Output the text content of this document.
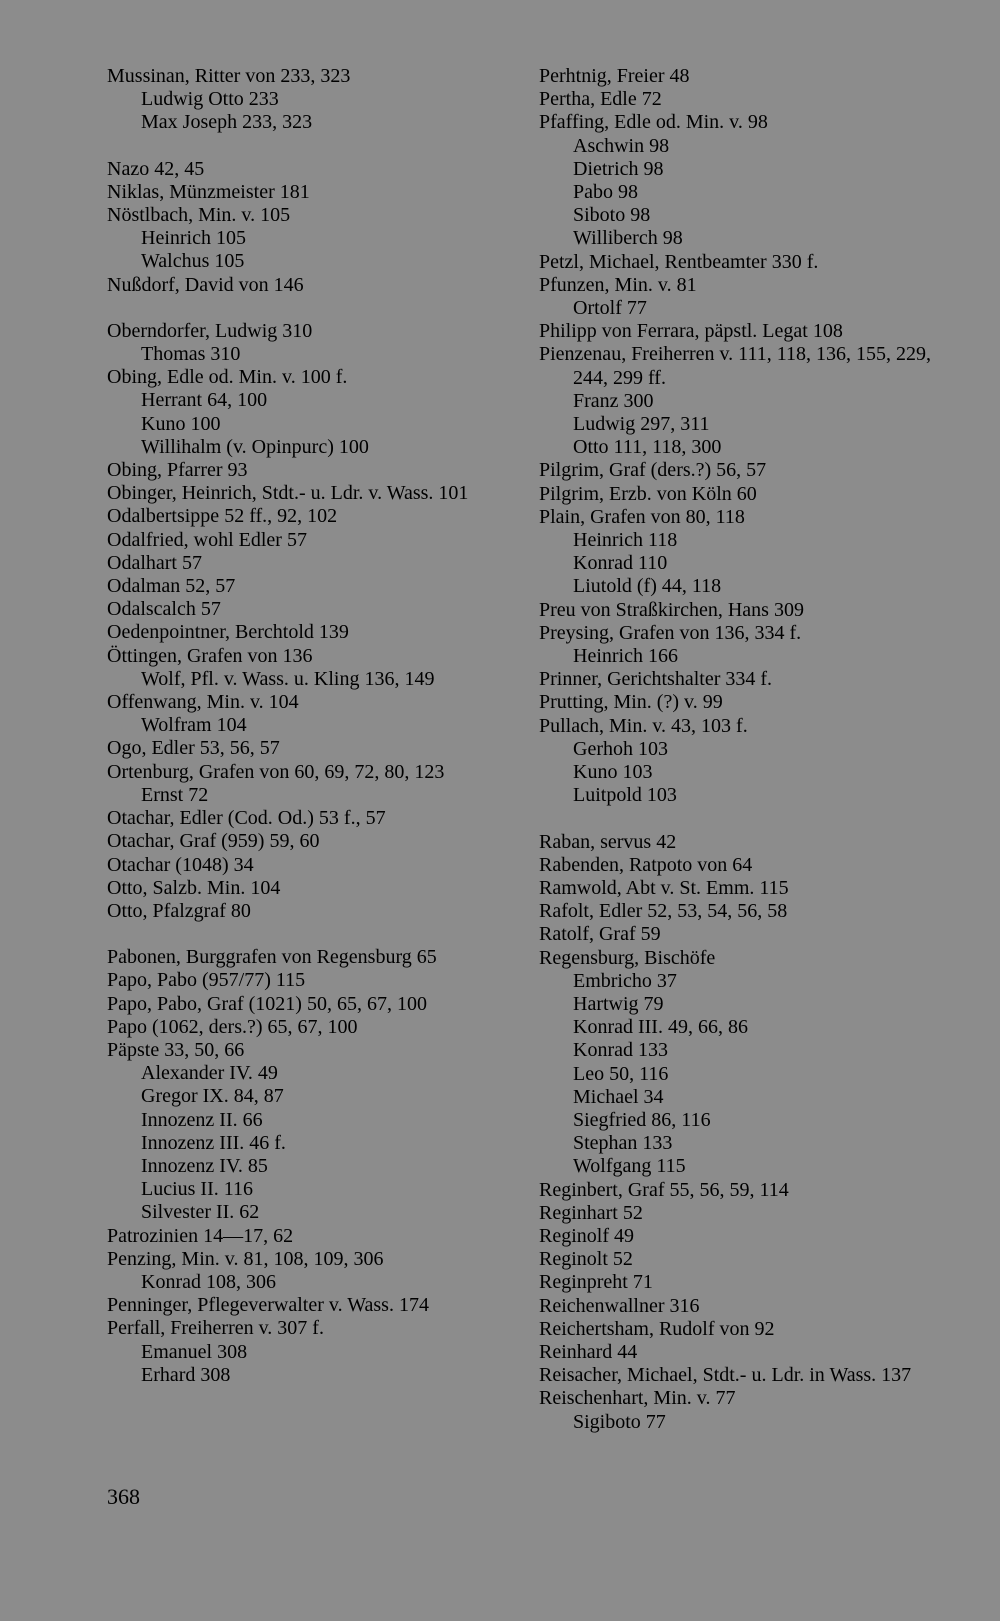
Mussinan, Ritter von 233, 323
Ludwig Otto 233
Max Joseph 233, 323
Nazo 42, 45
Niklas, Münzmeister 181
Nöstlbach, Min. v. 105
Heinrich 105
Walchus 105
Nußdorf, David von 146
Oberndorfer, Ludwig 310
Thomas 310
Obing, Edle od. Min. v. 100 f.
Herrant 64, 100
Kuno 100
Willihalm (v. Opinpurc) 100
Obing, Pfarrer 93
Obinger, Heinrich, Stdt.- u. Ldr. v. Wass. 101
Odalbertsippe 52 ff., 92, 102
Odalfried, wohl Edler 57
Odalhart 57
Odalman 52, 57
Odalscalch 57
Oedenpointner, Berchtold 139
Öttingen, Grafen von 136
Wolf, Pfl. v. Wass. u. Kling 136, 149
Offenwang, Min. v. 104
Wolfram 104
Ogo, Edler 53, 56, 57
Ortenburg, Grafen von 60, 69, 72, 80, 123
Ernst 72
Otachar, Edler (Cod. Od.) 53 f., 57
Otachar, Graf (959) 59, 60
Otachar (1048) 34
Otto, Salzb. Min. 104
Otto, Pfalzgraf 80
Pabonen, Burggrafen von Regensburg 65
Papo, Pabo (957/77) 115
Papo, Pabo, Graf (1021) 50, 65, 67, 100
Papo (1062, ders.?) 65, 67, 100
Päpste 33, 50, 66
Alexander IV. 49
Gregor IX. 84, 87
Innozenz II. 66
Innozenz III. 46 f.
Innozenz IV. 85
Lucius II. 116
Silvester II. 62
Patrozinien 14—17, 62
Penzing, Min. v. 81, 108, 109, 306
Konrad 108, 306
Penninger, Pflegeverwalter v. Wass. 174
Perfall, Freiherren v. 307 f.
Emanuel 308
Erhard 308
Perhtnig, Freier 48
Pertha, Edle 72
Pfaffing, Edle od. Min. v. 98
Aschwin 98
Dietrich 98
Pabo 98
Siboto 98
Williberch 98
Petzl, Michael, Rentbeamter 330 f.
Pfunzen, Min. v. 81
Ortolf 77
Philipp von Ferrara, päpstl. Legat 108
Pienzenau, Freiherren v. 111, 118, 136, 155, 229, 244, 299 ff.
Franz 300
Ludwig 297, 311
Otto 111, 118, 300
Pilgrim, Graf (ders.?) 56, 57
Pilgrim, Erzb. von Köln 60
Plain, Grafen von 80, 118
Heinrich 118
Konrad 110
Liutold (f) 44, 118
Preu von Straßkirchen, Hans 309
Preysing, Grafen von 136, 334 f.
Heinrich 166
Prinner, Gerichtshalter 334 f.
Prutting, Min. (?) v. 99
Pullach, Min. v. 43, 103 f.
Gerhoh 103
Kuno 103
Luitpold 103
Raban, servus 42
Rabenden, Ratpoto von 64
Ramwold, Abt v. St. Emm. 115
Rafolt, Edler 52, 53, 54, 56, 58
Ratolf, Graf 59
Regensburg, Bischöfe
Embricho 37
Hartwig 79
Konrad III. 49, 66, 86
Konrad 133
Leo 50, 116
Michael 34
Siegfried 86, 116
Stephan 133
Wolfgang 115
Reginbert, Graf 55, 56, 59, 114
Reginhart 52
Reginolf 49
Reginolt 52
Reginpreht 71
Reichenwallner 316
Reichertsham, Rudolf von 92
Reinhard 44
Reisacher, Michael, Stdt.- u. Ldr. in Wass. 137
Reischenhart, Min. v. 77
Sigiboto 77
368
